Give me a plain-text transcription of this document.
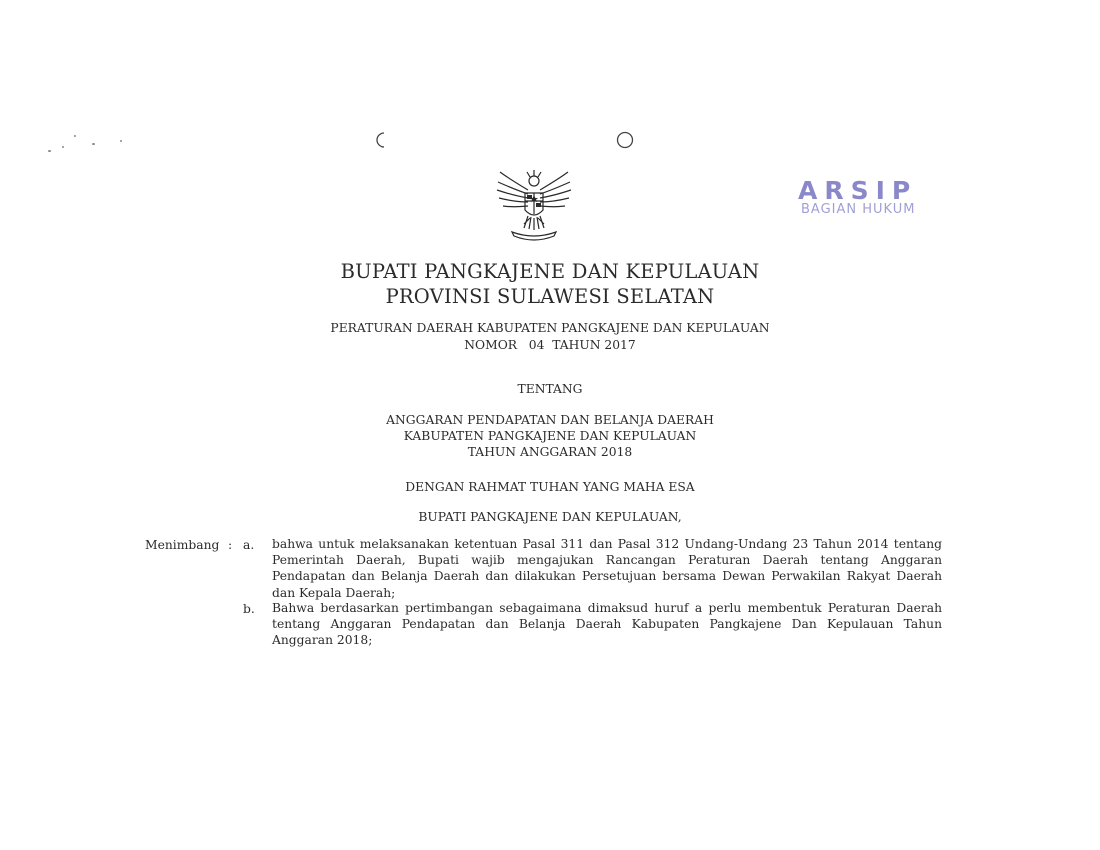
ARSIP
BAGIAN HUKUM
BUPATI PANGKAJENE DAN KEPULAUAN
PROVINSI SULAWESI SELATAN
PERATURAN DAERAH KABUPATEN PANGKAJENE DAN KEPULAUAN
NOMOR   04  TAHUN 2017
TENTANG
ANGGARAN PENDAPATAN DAN BELANJA DAERAH
KABUPATEN PANGKAJENE DAN KEPULAUAN
TAHUN ANGGARAN 2018
DENGAN RAHMAT TUHAN YANG MAHA ESA
BUPATI PANGKAJENE DAN KEPULAUAN,
Menimbang : a. bahwa untuk melaksanakan ketentuan Pasal 311 dan Pasal 312 Undang-Undang 23 Tahun 2014 tentang Pemerintah Daerah, Bupati wajib mengajukan Rancangan Peraturan Daerah tentang Anggaran Pendapatan dan Belanja Daerah dan dilakukan Persetujuan bersama Dewan Perwakilan Rakyat Daerah dan Kepala Daerah;
b. Bahwa berdasarkan pertimbangan sebagaimana dimaksud huruf a perlu membentuk Peraturan Daerah tentang Anggaran Pendapatan dan Belanja Daerah Kabupaten Pangkajene Dan Kepulauan Tahun Anggaran 2018;
